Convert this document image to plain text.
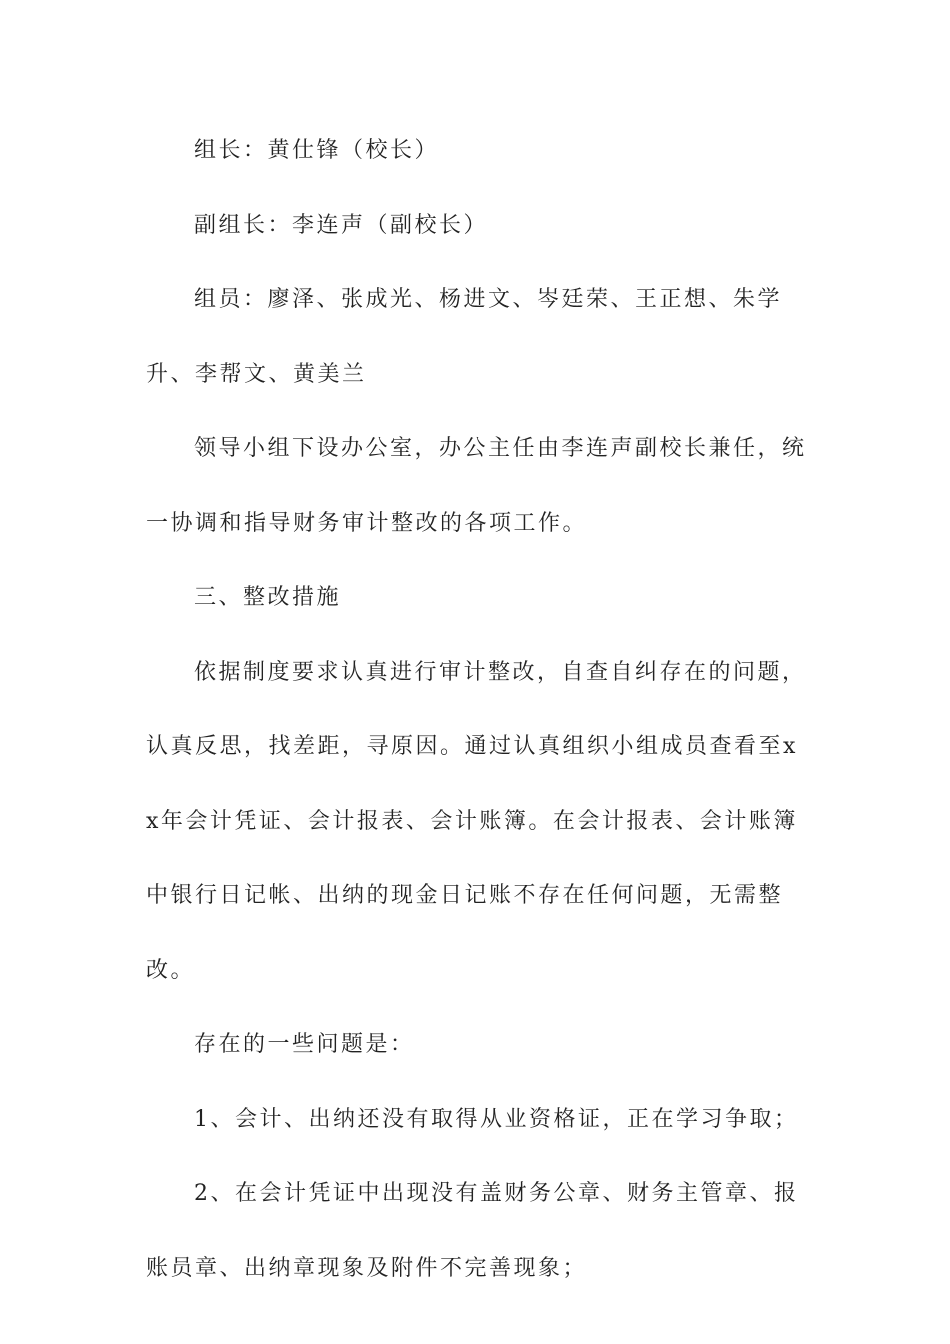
组长：黄仕锋（校长）

副组长：李连声（副校长）

组员：廖泽、张成光、杨进文、岑廷荣、王正想、朱学升、李帮文、黄美兰

领导小组下设办公室，办公主任由李连声副校长兼任，统一协调和指导财务审计整改的各项工作。

三、整改措施

依据制度要求认真进行审计整改，自查自纠存在的问题，认真反思，找差距，寻原因。通过认真组织小组成员查看至xx年会计凭证、会计报表、会计账簿。在会计报表、会计账簿中银行日记帐、出纳的现金日记账不存在任何问题，无需整改。

存在的一些问题是：

1、会计、出纳还没有取得从业资格证，正在学习争取；

2、在会计凭证中出现没有盖财务公章、财务主管章、报账员章、出纳章现象及附件不完善现象；
